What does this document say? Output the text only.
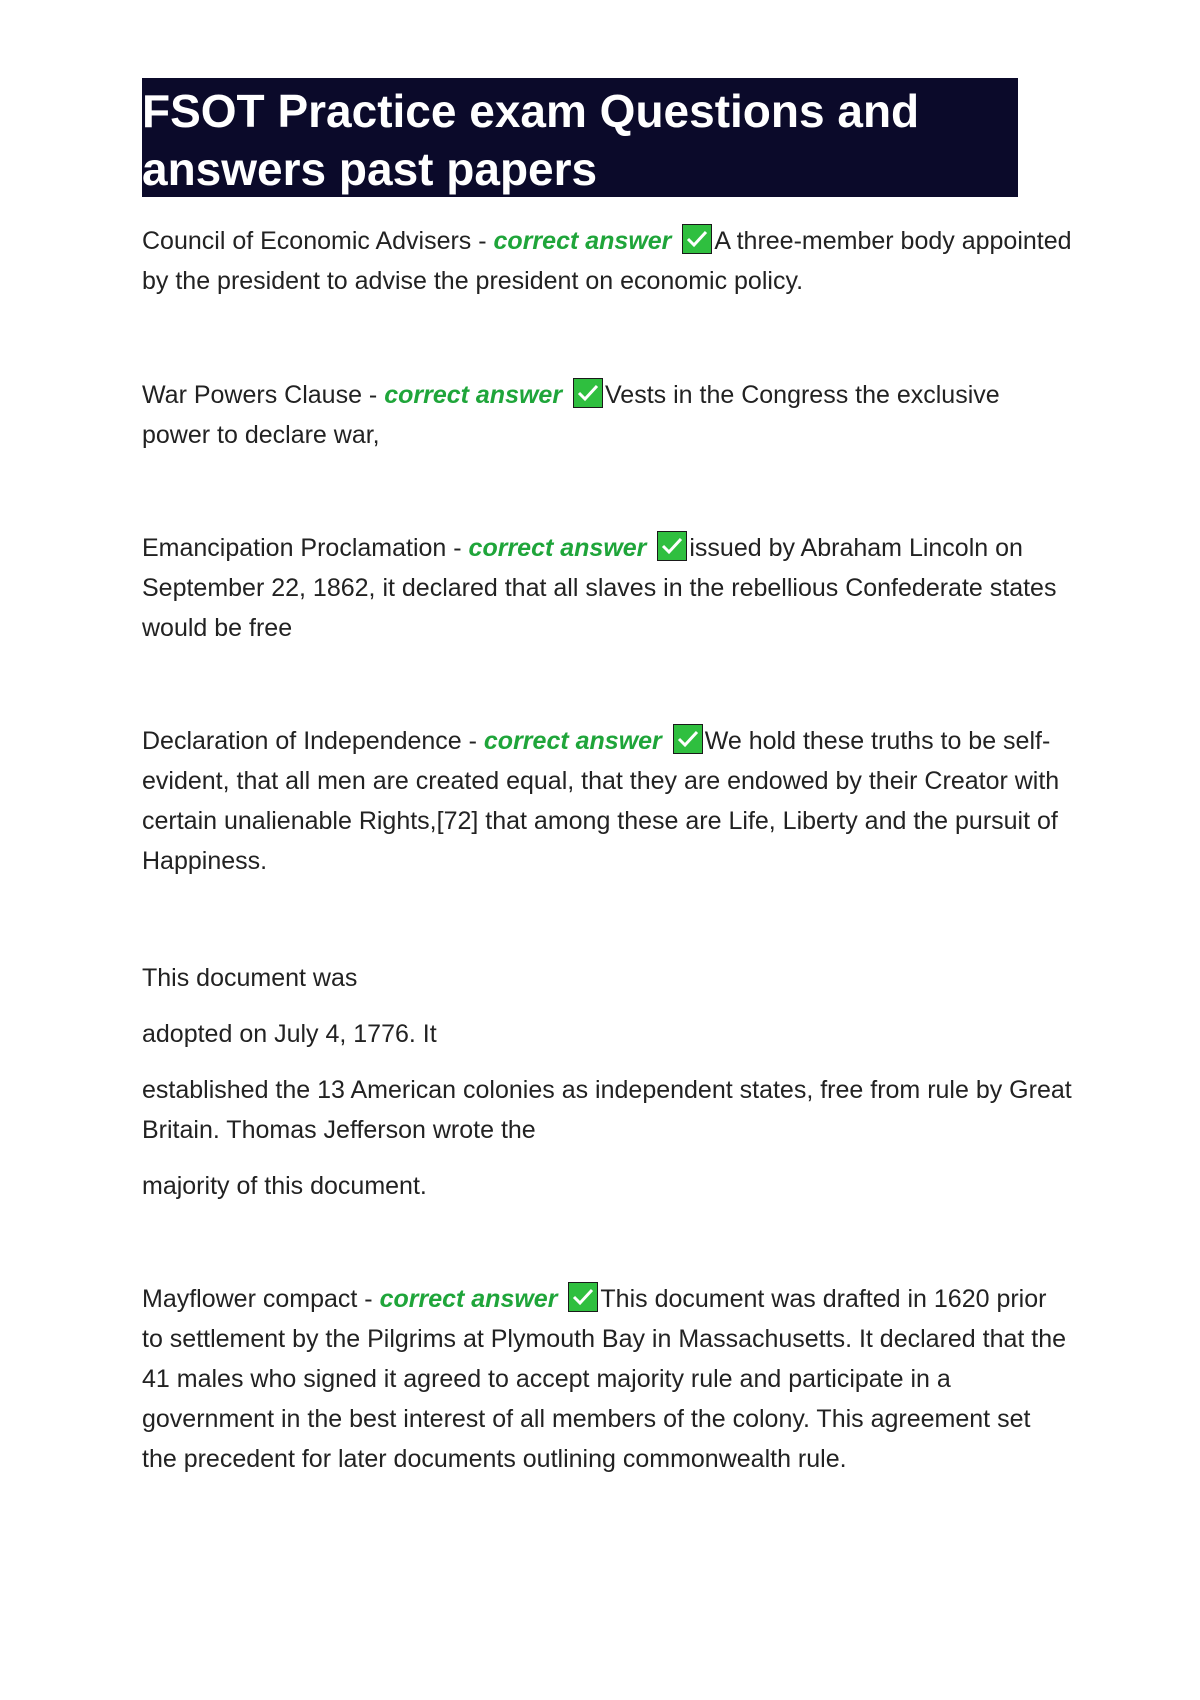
FSOT Practice exam Questions and answers past papers

Council of Economic Advisers - correct answer A three-member body appointed by the president to advise the president on economic policy.

War Powers Clause - correct answer Vests in the Congress the exclusive power to declare war,

Emancipation Proclamation - correct answer issued by Abraham Lincoln on September 22, 1862, it declared that all slaves in the rebellious Confederate states would be free

Declaration of Independence - correct answer We hold these truths to be self-evident, that all men are created equal, that they are endowed by their Creator with certain unalienable Rights,[72] that among these are Life, Liberty and the pursuit of Happiness.

This document was

adopted on July 4, 1776. It

established the 13 American colonies as independent states, free from rule by Great Britain. Thomas Jefferson wrote the

majority of this document.

Mayflower compact - correct answer This document was drafted in 1620 prior to settlement by the Pilgrims at Plymouth Bay in Massachusetts. It declared that the 41 males who signed it agreed to accept majority rule and participate in a government in the best interest of all members of the colony. This agreement set the precedent for later documents outlining commonwealth rule.
